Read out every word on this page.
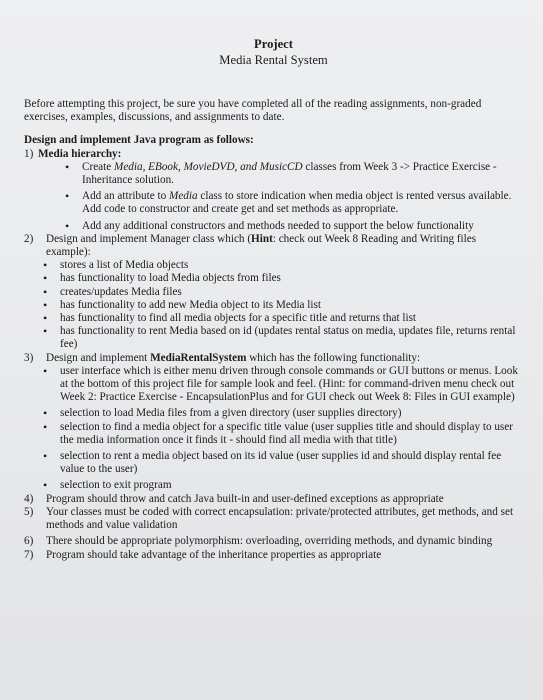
Project
Media Rental System
Before attempting this project, be sure you have completed all of the reading assignments, non-graded exercises, examples, discussions, and assignments to date.
Design and implement Java program as follows:
1) Media hierarchy:
• Create Media, EBook, MovieDVD, and MusicCD classes from Week 3 -> Practice Exercise - Inheritance solution.
• Add an attribute to Media class to store indication when media object is rented versus available. Add code to constructor and create get and set methods as appropriate.
• Add any additional constructors and methods needed to support the below functionality
2)	Design and implement Manager class which (Hint: check out Week 8 Reading and Writing files example):
• stores a list of Media objects
• has functionality to load Media objects from files
• creates/updates Media files
• has functionality to add new Media object to its Media list
• has functionality to find all media objects for a specific title and returns that list
• has functionality to rent Media based on id (updates rental status on media, updates file, returns rental fee)
3)	Design and implement MediaRentalSystem which has the following functionality:
• user interface which is either menu driven through console commands or GUI buttons or menus. Look at the bottom of this project file for sample look and feel. (Hint: for command-driven menu check out Week 2: Practice Exercise - EncapsulationPlus and for GUI check out Week 8: Files in GUI example)
• selection to load Media files from a given directory (user supplies directory)
• selection to find a media object for a specific title value (user supplies title and should display to user the media information once it finds it - should find all media with that title)
• selection to rent a media object based on its id value (user supplies id and should display rental fee value to the user)
• selection to exit program
4)	Program should throw and catch Java built-in and user-defined exceptions as appropriate
5)	Your classes must be coded with correct encapsulation: private/protected attributes, get methods, and set methods and value validation
6)	There should be appropriate polymorphism: overloading, overriding methods, and dynamic binding
7)	Program should take advantage of the inheritance properties as appropriate
